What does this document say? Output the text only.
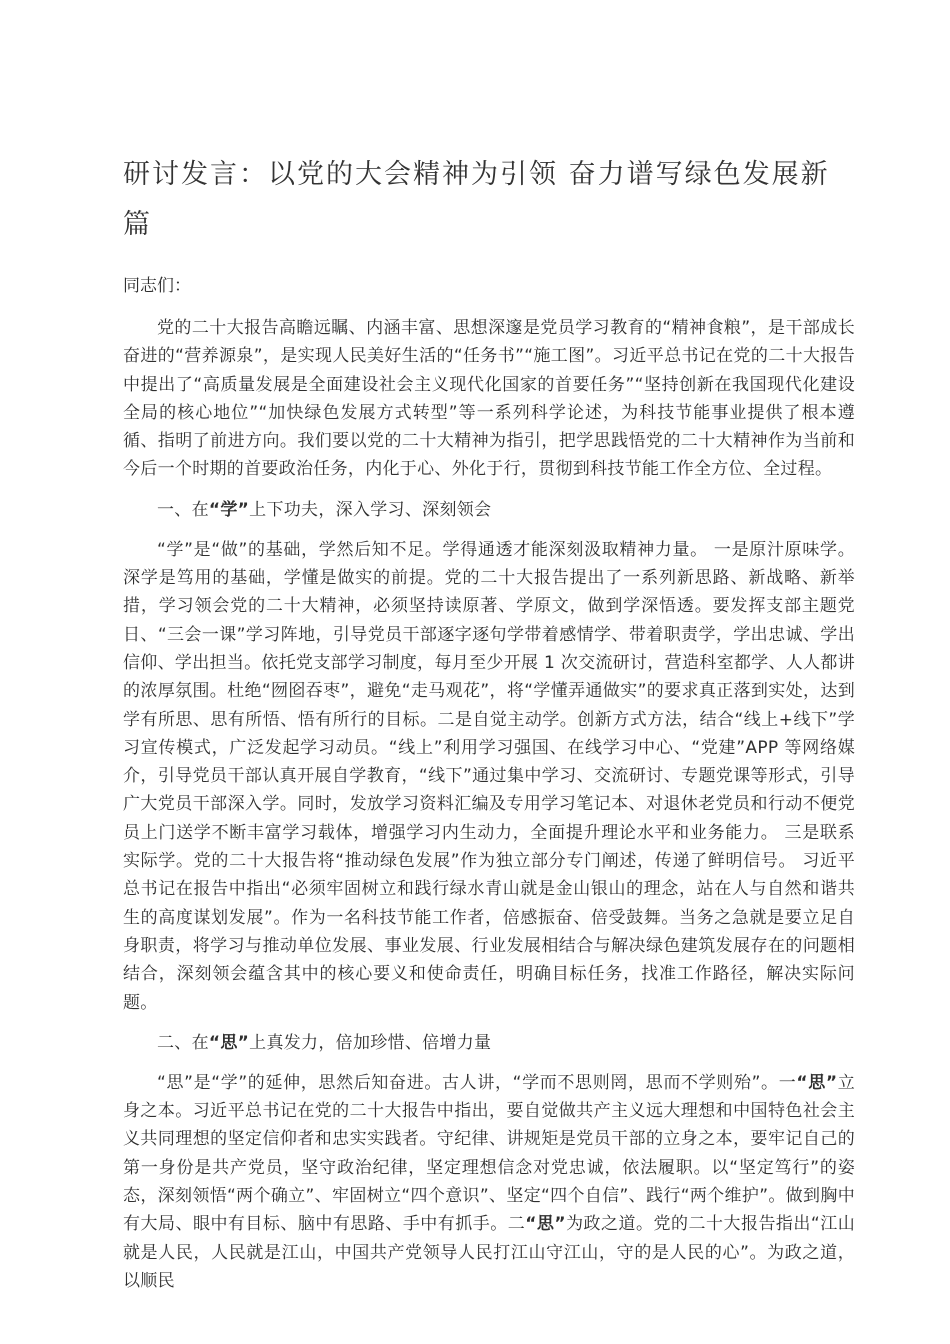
研讨发言：以党的大会精神为引领 奋力谱写绿色发展新篇

同志们：

党的二十大报告高瞻远瞩、内涵丰富、思想深邃是党员学习教育的“精神食粮”，是干部成长奋进的“营养源泉”，是实现人民美好生活的“任务书”“施工图”。习近平总书记在党的二十大报告中提出了“高质量发展是全面建设社会主义现代化国家的首要任务”“坚持创新在我国现代化建设全局的核心地位”“加快绿色发展方式转型”等一系列科学论述，为科技节能事业提供了根本遵循、指明了前进方向。我们要以党的二十大精神为指引，把学思践悟党的二十大精神作为当前和今后一个时期的首要政治任务，内化于心、外化于行，贯彻到科技节能工作全方位、全过程。

一、在“学”上下功夫，深入学习、深刻领会

“学”是“做”的基础，学然后知不足。学得通透才能深刻汲取精神力量。 一是原汁原味学。深学是笃用的基础，学懂是做实的前提。党的二十大报告提出了一系列新思路、新战略、新举措，学习领会党的二十大精神，必须坚持读原著、学原文，做到学深悟透。要发挥支部主题党日、“三会一课”学习阵地，引导党员干部逐字逐句学带着感情学、带着职责学，学出忠诚、学出信仰、学出担当。依托党支部学习制度，每月至少开展 1 次交流研讨，营造科室都学、人人都讲的浓厚氛围。杜绝“囫囵吞枣”，避免“走马观花”，将“学懂弄通做实”的要求真正落到实处，达到学有所思、思有所悟、悟有所行的目标。二是自觉主动学。创新方式方法，结合“线上+线下”学习宣传模式，广泛发起学习动员。“线上”利用学习强国、在线学习中心、“党建”APP 等网络媒介，引导党员干部认真开展自学教育，“线下”通过集中学习、交流研讨、专题党课等形式，引导广大党员干部深入学。同时，发放学习资料汇编及专用学习笔记本、对退休老党员和行动不便党员上门送学不断丰富学习载体，增强学习内生动力，全面提升理论水平和业务能力。 三是联系实际学。党的二十大报告将“推动绿色发展”作为独立部分专门阐述，传递了鲜明信号。 习近平总书记在报告中指出“必须牢固树立和践行绿水青山就是金山银山的理念，站在人与自然和谐共生的高度谋划发展”。作为一名科技节能工作者，倍感振奋、倍受鼓舞。当务之急就是要立足自身职责，将学习与推动单位发展、事业发展、行业发展相结合与解决绿色建筑发展存在的问题相结合，深刻领会蕴含其中的核心要义和使命责任，明确目标任务，找准工作路径，解决实际问题。

二、在“思”上真发力，倍加珍惜、倍增力量

“思”是“学”的延伸，思然后知奋进。古人讲，“学而不思则罔，思而不学则殆”。一“思”立身之本。习近平总书记在党的二十大报告中指出，要自觉做共产主义远大理想和中国特色社会主义共同理想的坚定信仰者和忠实实践者。守纪律、讲规矩是党员干部的立身之本，要牢记自己的第一身份是共产党员，坚守政治纪律，坚定理想信念对党忠诚，依法履职。以“坚定笃行”的姿态，深刻领悟“两个确立”、牢固树立“四个意识”、坚定“四个自信”、践行“两个维护”。做到胸中有大局、眼中有目标、脑中有思路、手中有抓手。二“思”为政之道。党的二十大报告指出“江山就是人民，人民就是江山，中国共产党领导人民打江山守江山，守的是人民的心”。为政之道，以顺民
